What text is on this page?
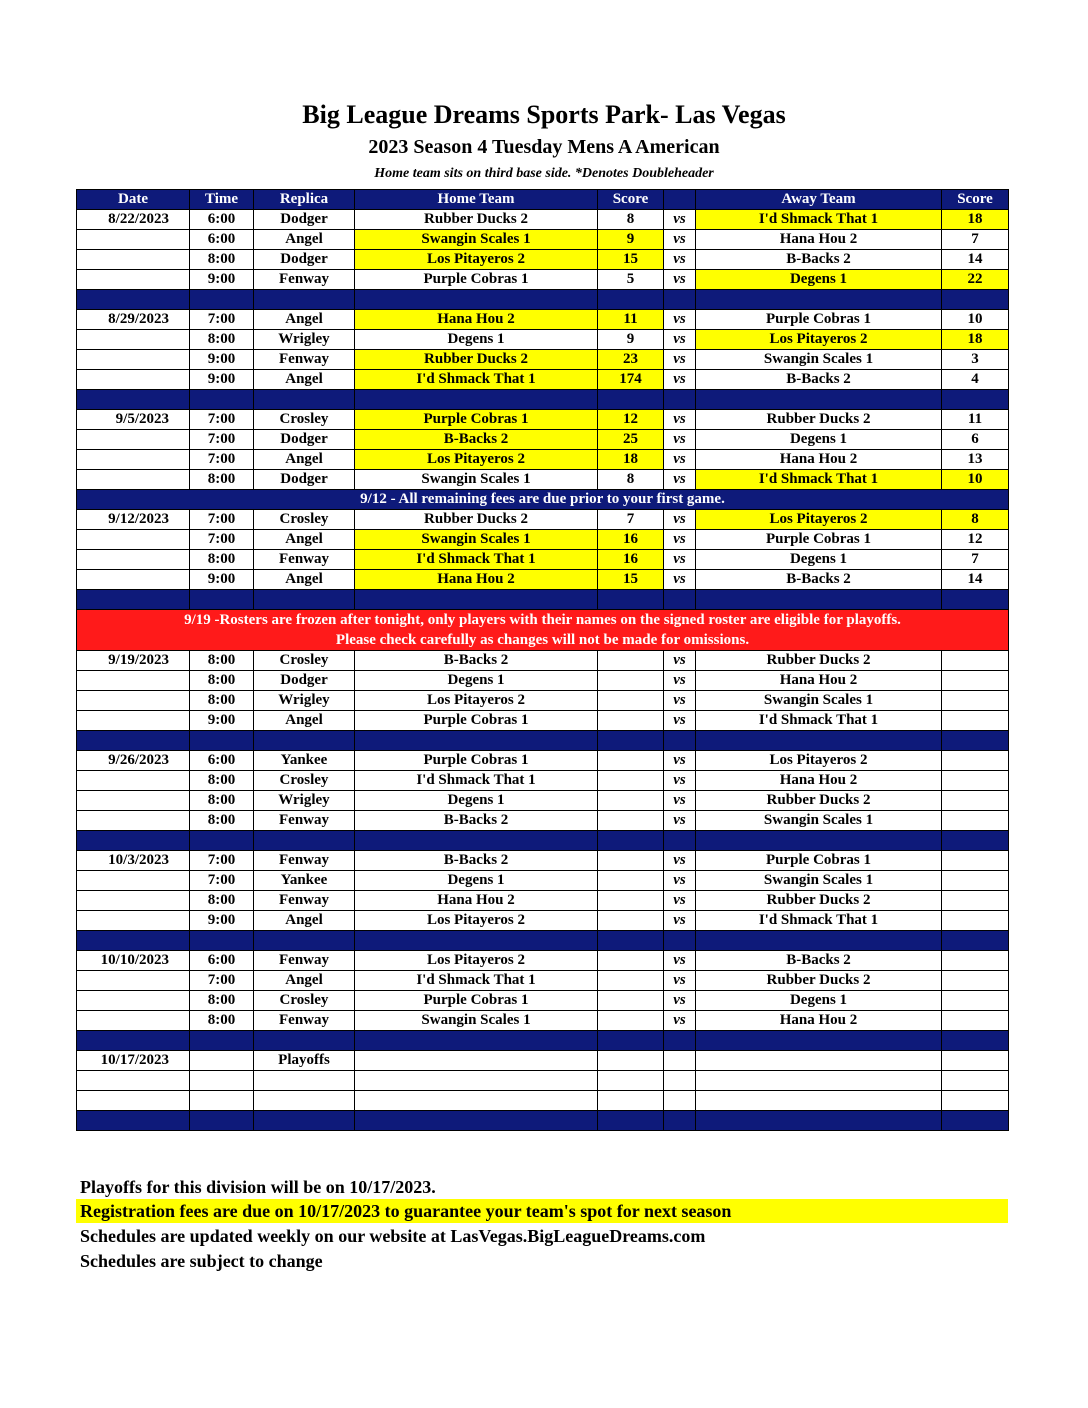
Big League Dreams Sports Park- Las Vegas
2023 Season 4 Tuesday Mens A American
Home team sits on third base side. *Denotes Doubleheader
Date	Time	Replica	Home Team	Score		Away Team	Score
8/22/2023	6:00	Dodger	Rubber Ducks 2	8	vs	I'd Shmack That 1	18
	6:00	Angel	Swangin Scales 1	9	vs	Hana Hou 2	7
	8:00	Dodger	Los Pitayeros 2	15	vs	B-Backs 2	14
	9:00	Fenway	Purple Cobras 1	5	vs	Degens 1	22

8/29/2023	7:00	Angel	Hana Hou 2	11	vs	Purple Cobras 1	10
	8:00	Wrigley	Degens 1	9	vs	Los Pitayeros 2	18
	9:00	Fenway	Rubber Ducks 2	23	vs	Swangin Scales 1	3
	9:00	Angel	I'd Shmack That 1	174	vs	B-Backs 2	4

9/5/2023	7:00	Crosley	Purple Cobras 1	12	vs	Rubber Ducks 2	11
	7:00	Dodger	B-Backs 2	25	vs	Degens 1	6
	7:00	Angel	Los Pitayeros 2	18	vs	Hana Hou 2	13
	8:00	Dodger	Swangin Scales 1	8	vs	I'd Shmack That 1	10
9/12 - All remaining fees are due prior to your first game.							
9/12/2023	7:00	Crosley	Rubber Ducks 2	7	vs	Los Pitayeros 2	8
	7:00	Angel	Swangin Scales 1	16	vs	Purple Cobras 1	12
	8:00	Fenway	I'd Shmack That 1	16	vs	Degens 1	7
	9:00	Angel	Hana Hou 2	15	vs	B-Backs 2	14

9/19 -Rosters are frozen after tonight, only players with their names on the signed roster are eligible for playoffs.
Please check carefully as changes will not be made for omissions.							

9/19/2023	8:00	Crosley	B-Backs 2		vs	Rubber Ducks 2	
	8:00	Dodger	Degens 1		vs	Hana Hou 2	
	8:00	Wrigley	Los Pitayeros 2		vs	Swangin Scales 1	
	9:00	Angel	Purple Cobras 1		vs	I'd Shmack That 1	

9/26/2023	6:00	Yankee	Purple Cobras 1		vs	Los Pitayeros 2	
	8:00	Crosley	I'd Shmack That 1		vs	Hana Hou 2	
	8:00	Wrigley	Degens 1		vs	Rubber Ducks 2	
	8:00	Fenway	B-Backs 2		vs	Swangin Scales 1	

10/3/2023	7:00	Fenway	B-Backs 2		vs	Purple Cobras 1	
	7:00	Yankee	Degens 1		vs	Swangin Scales 1	
	8:00	Fenway	Hana Hou 2		vs	Rubber Ducks 2	
	9:00	Angel	Los Pitayeros 2		vs	I'd Shmack That 1	

10/10/2023	6:00	Fenway	Los Pitayeros 2		vs	B-Backs 2	
	7:00	Angel	I'd Shmack That 1		vs	Rubber Ducks 2	
	8:00	Crosley	Purple Cobras 1		vs	Degens 1	
	8:00	Fenway	Swangin Scales 1		vs	Hana Hou 2	

10/17/2023		Playoffs					

Playoffs for this division will be on 10/17/2023.
Registration fees are due on 10/17/2023 to guarantee your team's spot for next season
Schedules are updated weekly on our website at LasVegas.BigLeagueDreams.com
Schedules are subject to change
